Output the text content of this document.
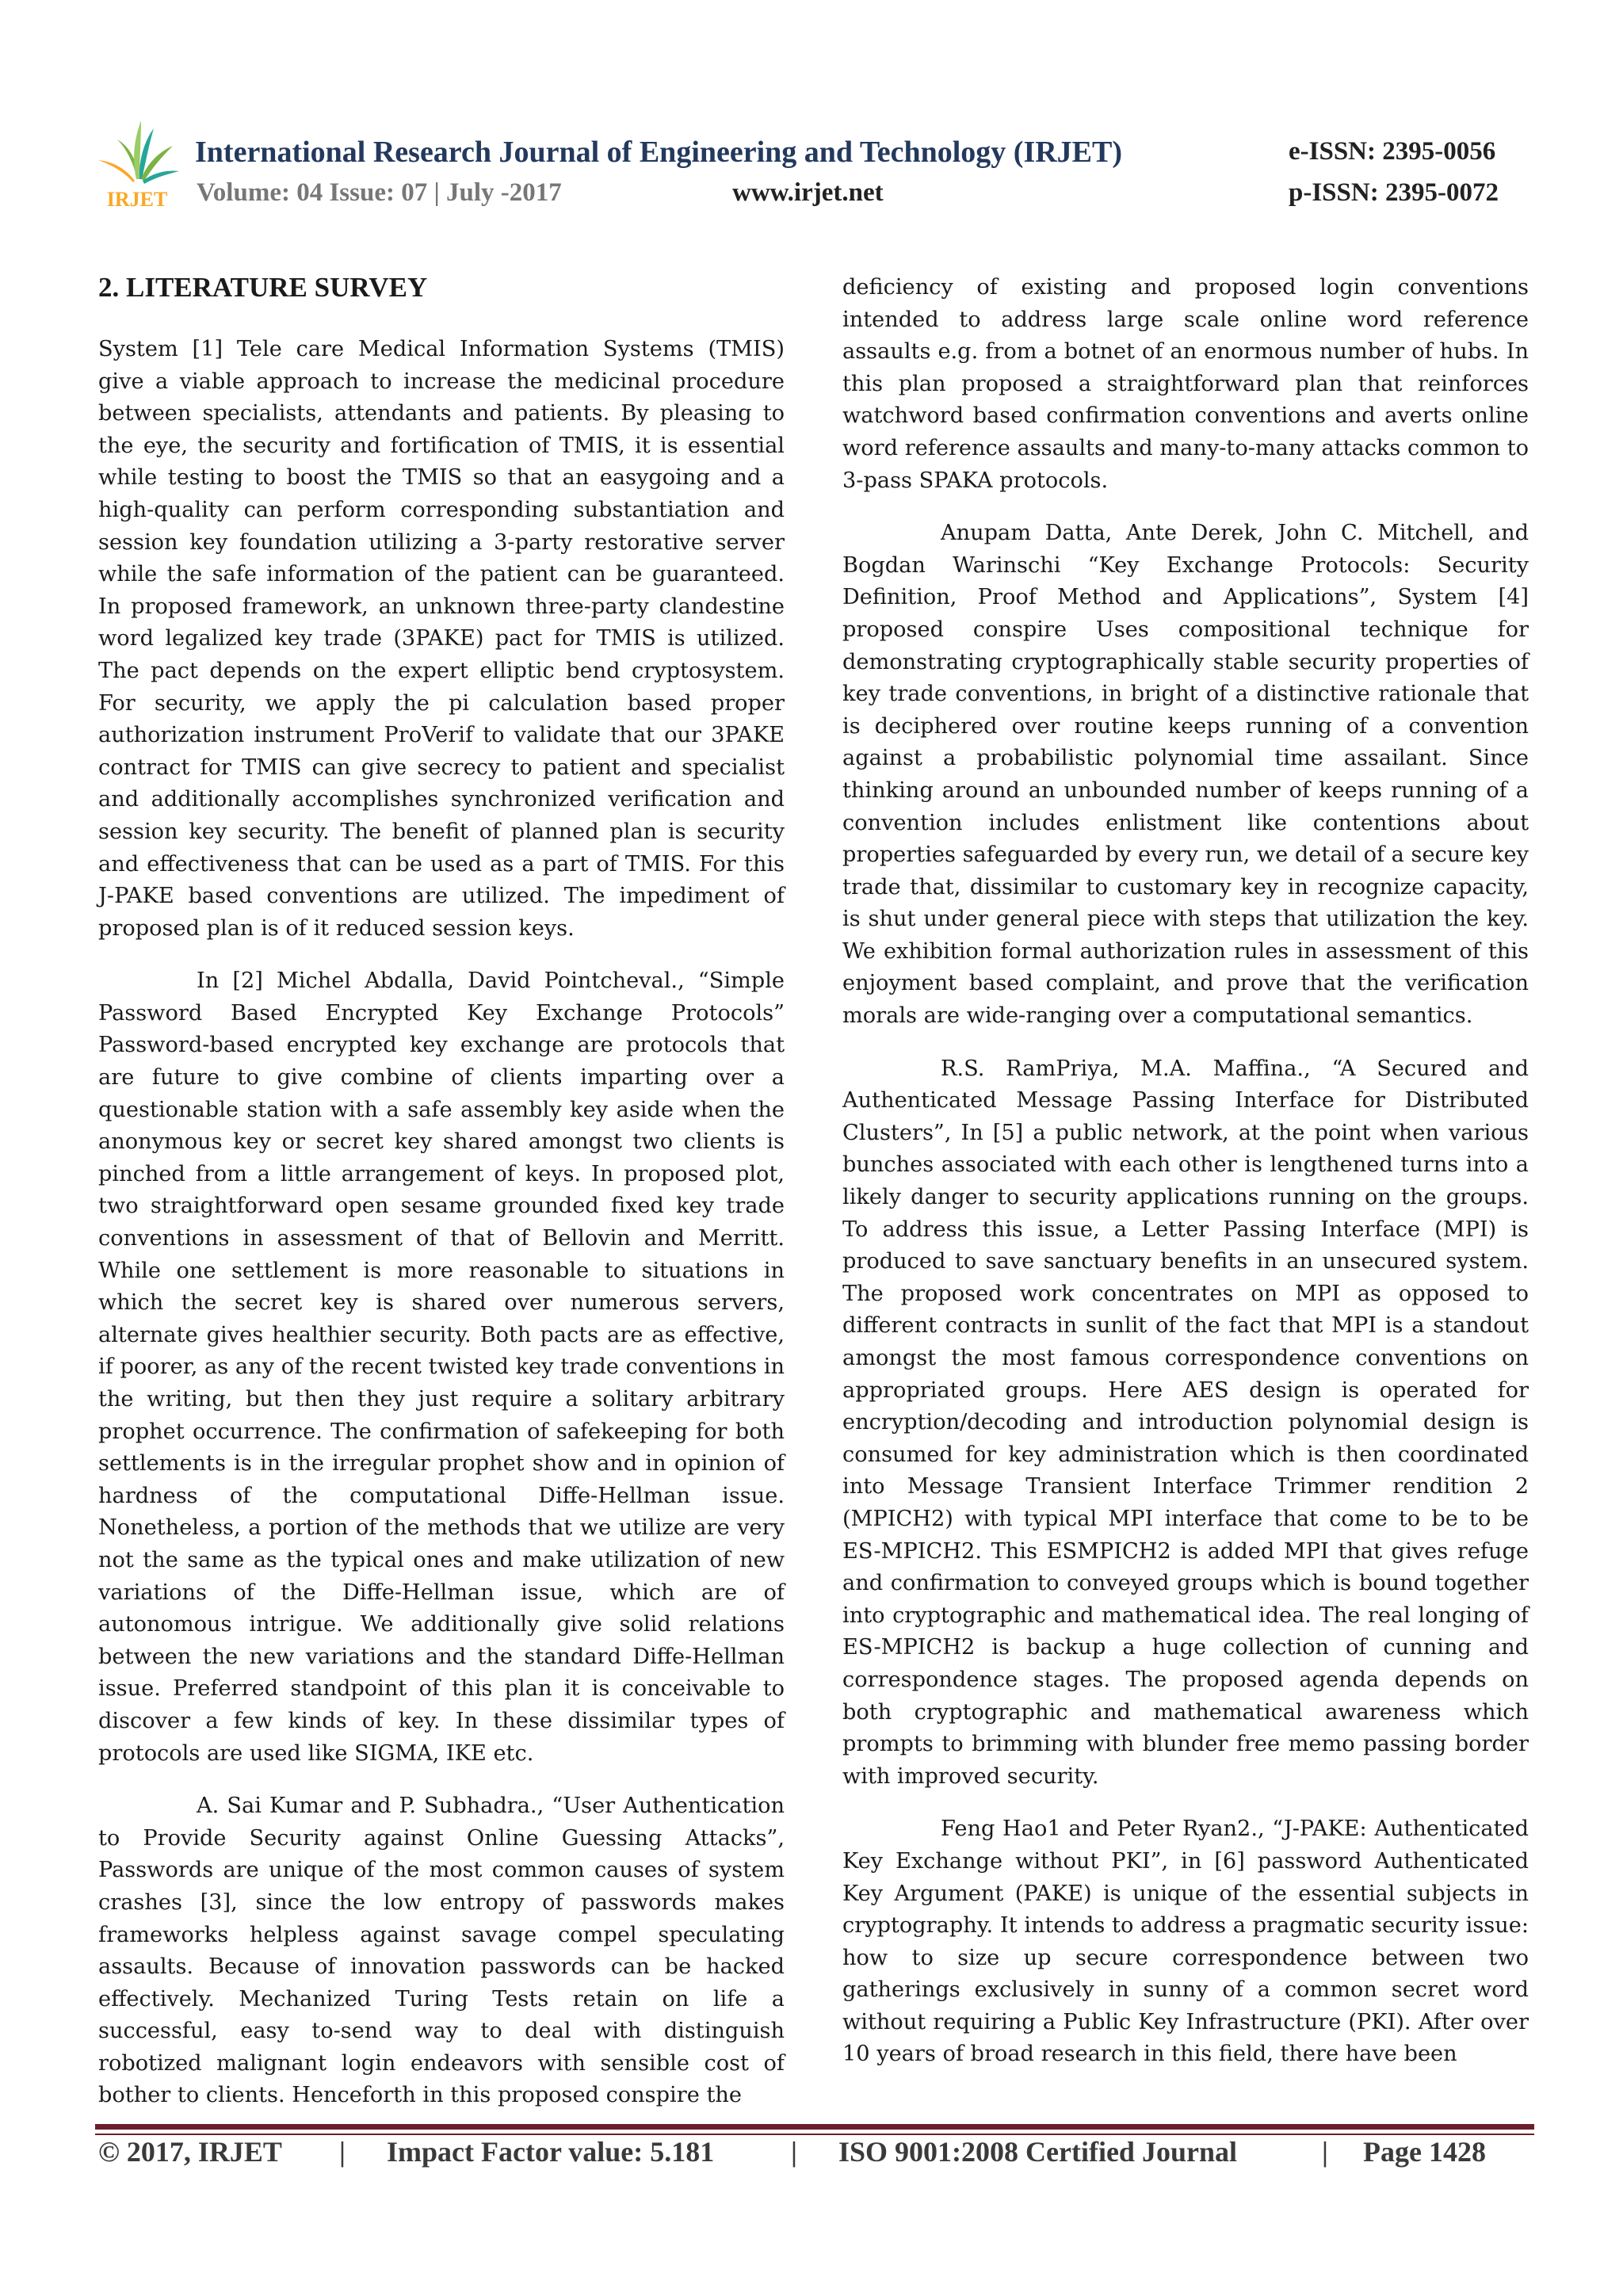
IRJET
International Research Journal of Engineering and Technology (IRJET)	e-ISSN: 2395-0056
Volume: 04 Issue: 07 | July -2017	www.irjet.net	p-ISSN: 2395-0072
2. LITERATURE SURVEY

System [1] Tele care Medical Information Systems (TMIS) give a viable approach to increase the medicinal procedure between specialists, attendants and patients. By pleasing to the eye, the security and fortification of TMIS, it is essential while testing to boost the TMIS so that an easygoing and a high-quality can perform corresponding substantiation and session key foundation utilizing a 3-party restorative server while the safe information of the patient can be guaranteed. In proposed framework, an unknown three-party clandestine word legalized key trade (3PAKE) pact for TMIS is utilized. The pact depends on the expert elliptic bend cryptosystem. For security, we apply the pi calculation based proper authorization instrument ProVerif to validate that our 3PAKE contract for TMIS can give secrecy to patient and specialist and additionally accomplishes synchronized verification and session key security. The benefit of planned plan is security and effectiveness that can be used as a part of TMIS. For this J-PAKE based conventions are utilized. The impediment of proposed plan is of it reduced session keys.

In [2] Michel Abdalla, David Pointcheval., “Simple Password Based Encrypted Key Exchange Protocols” Password-based encrypted key exchange are protocols that are future to give combine of clients imparting over a questionable station with a safe assembly key aside when the anonymous key or secret key shared amongst two clients is pinched from a little arrangement of keys. In proposed plot, two straightforward open sesame grounded fixed key trade conventions in assessment of that of Bellovin and Merritt. While one settlement is more reasonable to situations in which the secret key is shared over numerous servers, alternate gives healthier security. Both pacts are as effective, if poorer, as any of the recent twisted key trade conventions in the writing, but then they just require a solitary arbitrary prophet occurrence. The confirmation of safekeeping for both settlements is in the irregular prophet show and in opinion of hardness of the computational Diffe-Hellman issue. Nonetheless, a portion of the methods that we utilize are very not the same as the typical ones and make utilization of new variations of the Diffe-Hellman issue, which are of autonomous intrigue. We additionally give solid relations between the new variations and the standard Diffe-Hellman issue. Preferred standpoint of this plan it is conceivable to discover a few kinds of key. In these dissimilar types of protocols are used like SIGMA, IKE etc.

A. Sai Kumar and P. Subhadra., “User Authentication to Provide Security against Online Guessing Attacks”, Passwords are unique of the most common causes of system crashes [3], since the low entropy of passwords makes frameworks helpless against savage compel speculating assaults. Because of innovation passwords can be hacked effectively. Mechanized Turing Tests retain on life a successful, easy to-send way to deal with distinguish robotized malignant login endeavors with sensible cost of bother to clients. Henceforth in this proposed conspire the

deficiency of existing and proposed login conventions intended to address large scale online word reference assaults e.g. from a botnet of an enormous number of hubs. In this plan proposed a straightforward plan that reinforces watchword based confirmation conventions and averts online word reference assaults and many-to-many attacks common to 3-pass SPAKA protocols.

Anupam Datta, Ante Derek, John C. Mitchell, and Bogdan Warinschi “Key Exchange Protocols: Security Definition, Proof Method and Applications”, System [4] proposed conspire Uses compositional technique for demonstrating cryptographically stable security properties of key trade conventions, in bright of a distinctive rationale that is deciphered over routine keeps running of a convention against a probabilistic polynomial time assailant. Since thinking around an unbounded number of keeps running of a convention includes enlistment like contentions about properties safeguarded by every run, we detail of a secure key trade that, dissimilar to customary key in recognize capacity, is shut under general piece with steps that utilization the key. We exhibition formal authorization rules in assessment of this enjoyment based complaint, and prove that the verification morals are wide-ranging over a computational semantics.

R.S. RamPriya, M.A. Maffina., “A Secured and Authenticated Message Passing Interface for Distributed Clusters”, In [5] a public network, at the point when various bunches associated with each other is lengthened turns into a likely danger to security applications running on the groups. To address this issue, a Letter Passing Interface (MPI) is produced to save sanctuary benefits in an unsecured system. The proposed work concentrates on MPI as opposed to different contracts in sunlit of the fact that MPI is a standout amongst the most famous correspondence conventions on appropriated groups. Here AES design is operated for encryption/decoding and introduction polynomial design is consumed for key administration which is then coordinated into Message Transient Interface Trimmer rendition 2 (MPICH2) with typical MPI interface that come to be to be ES-MPICH2. This ESMPICH2 is added MPI that gives refuge and confirmation to conveyed groups which is bound together into cryptographic and mathematical idea. The real longing of ES-MPICH2 is backup a huge collection of cunning and correspondence stages. The proposed agenda depends on both cryptographic and mathematical awareness which prompts to brimming with blunder free memo passing border with improved security.

Feng Hao1 and Peter Ryan2., “J-PAKE: Authenticated Key Exchange without PKI”, in [6] password Authenticated Key Argument (PAKE) is unique of the essential subjects in cryptography. It intends to address a pragmatic security issue: how to size up secure correspondence between two gatherings exclusively in sunny of a common secret word without requiring a Public Key Infrastructure (PKI). After over 10 years of broad research in this field, there have been

© 2017, IRJET | Impact Factor value: 5.181	| ISO 9001:2008 Certified Journal	| Page 1428
